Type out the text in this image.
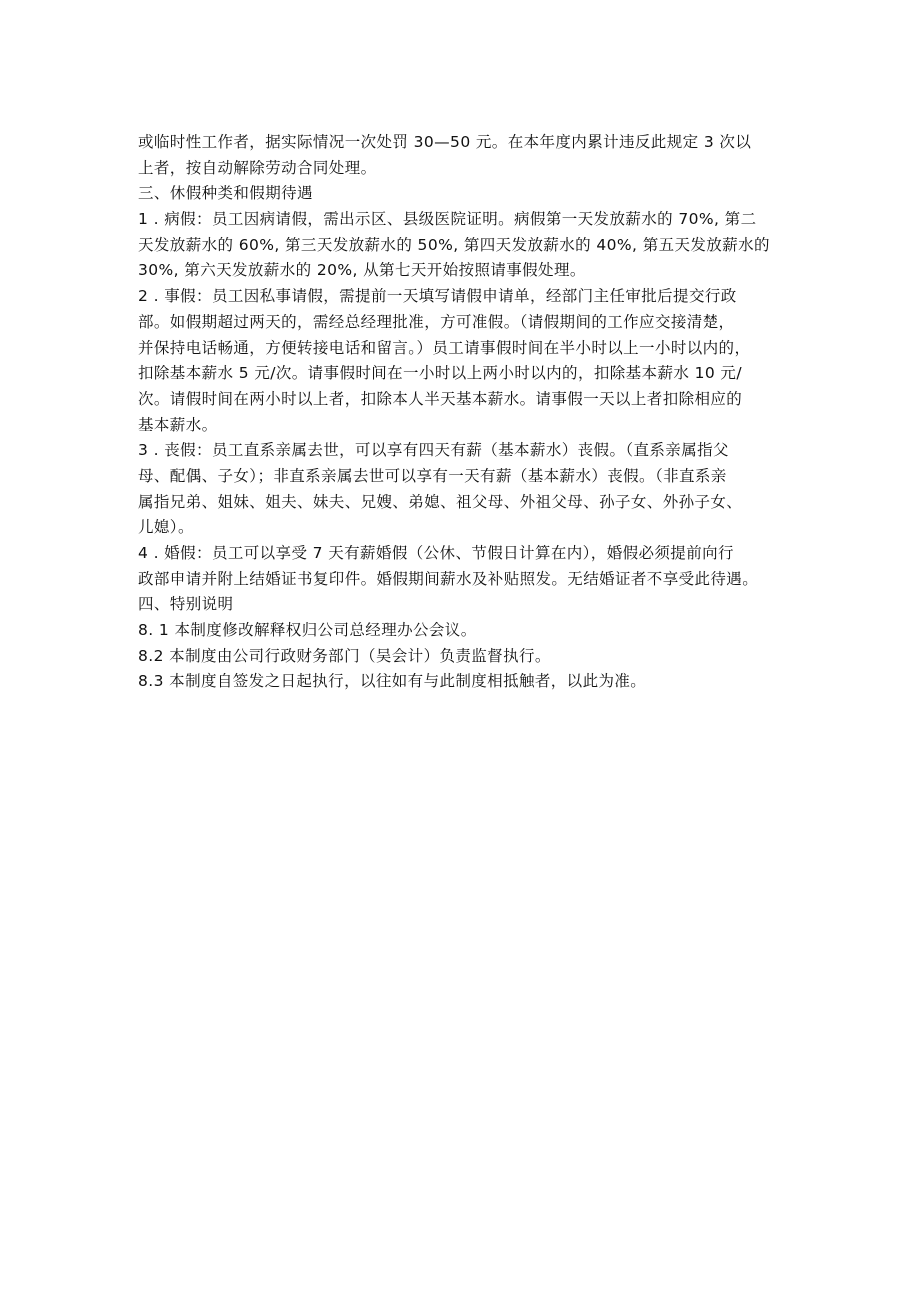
或临时性工作者，据实际情况一次处罚 30—50 元。在本年度内累计违反此规定 3 次以
上者，按自动解除劳动合同处理。
三、休假种类和假期待遇
1 . 病假：员工因病请假，需出示区、县级医院证明。病假第一天发放薪水的 70%, 第二
天发放薪水的 60%, 第三天发放薪水的 50%, 第四天发放薪水的 40%, 第五天发放薪水的
30%, 第六天发放薪水的 20%, 从第七天开始按照请事假处理。
2 . 事假：员工因私事请假，需提前一天填写请假申请单，经部门主任审批后提交行政
部。如假期超过两天的，需经总经理批准，方可准假。（请假期间的工作应交接清楚，
并保持电话畅通，方便转接电话和留言。）员工请事假时间在半小时以上一小时以内的，
扣除基本薪水 5 元/次。请事假时间在一小时以上两小时以内的，扣除基本薪水 10 元/
次。请假时间在两小时以上者，扣除本人半天基本薪水。请事假一天以上者扣除相应的
基本薪水。
3 . 丧假：员工直系亲属去世，可以享有四天有薪（基本薪水）丧假。（直系亲属指父
母、配偶、子女）；非直系亲属去世可以享有一天有薪（基本薪水）丧假。（非直系亲
属指兄弟、姐妹、姐夫、妹夫、兄嫂、弟媳、祖父母、外祖父母、孙子女、外孙子女、
儿媳）。
4 . 婚假：员工可以享受 7 天有薪婚假（公休、节假日计算在内），婚假必须提前向行
政部申请并附上结婚证书复印件。婚假期间薪水及补贴照发。无结婚证者不享受此待遇。
四、特别说明
8. 1 本制度修改解释权归公司总经理办公会议。
8.2 本制度由公司行政财务部门（吴会计）负责监督执行。
8.3 本制度自签发之日起执行，以往如有与此制度相抵触者，以此为准。
